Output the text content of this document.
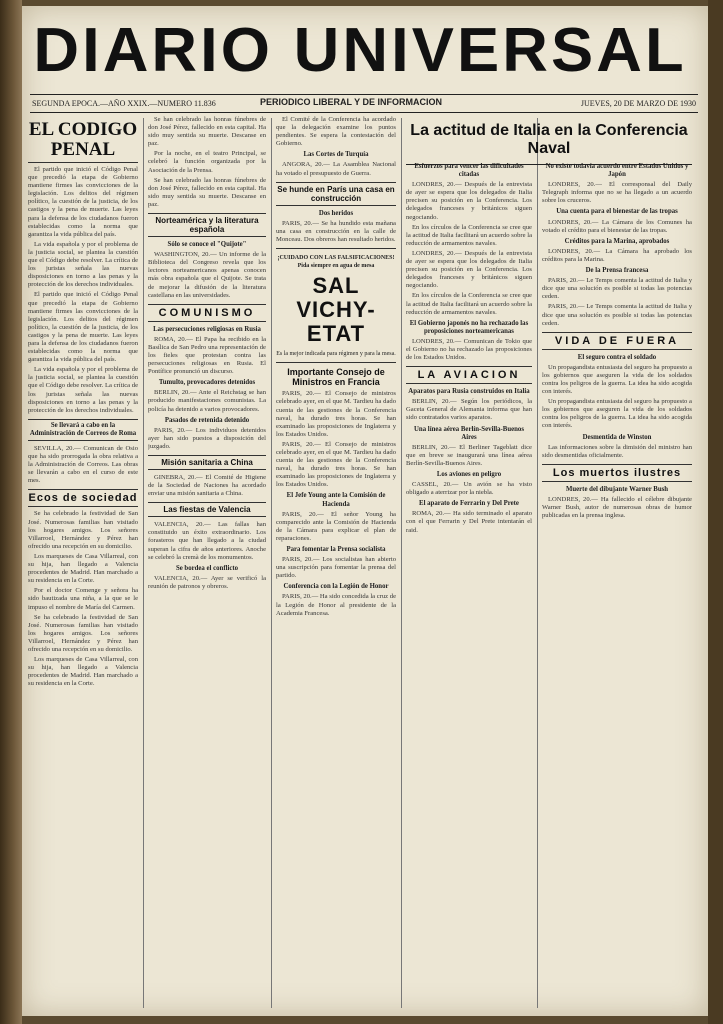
DIARIO UNIVERSAL
SEGUNDA EPOCA.—AÑO XXIX.—NUMERO 11.836	PERIODICO LIBERAL Y DE INFORMACION	JUEVES, 20 DE MARZO DE 1930
EL CODIGO PENAL

El partido que inició el Código Penal que precedió la etapa de Gobierno mantiene firmes las convicciones de la legislación. Los delitos del régimen político, la cuestión de la justicia, de los castigos y la pena de muerte. Las leyes para la defensa de los ciudadanos fueron establecidas como la norma que garantiza la vida pública del país.

La vida española y por el problema de la justicia social, se plantea la cuestión que el Código debe resolver. La crítica de los juristas señala las nuevas disposiciones en torno a las penas y la protección de los derechos individuales.

El partido que inició el Código Penal que precedió la etapa de Gobierno mantiene firmes las convicciones de la legislación. Los delitos del régimen político, la cuestión de la justicia, de los castigos y la pena de muerte. Las leyes para la defensa de los ciudadanos fueron establecidas como la norma que garantiza la vida pública del país.

La vida española y por el problema de la justicia social, se plantea la cuestión que el Código debe resolver. La crítica de los juristas señala las nuevas disposiciones en torno a las penas y la protección de los derechos individuales.

Se llevará a cabo en la Administración de Correos de Roma

SEVILLA, 20.— Comunican de Osio que ha sido prorrogada la obra relativa a la Administración de Correos. Las obras se llevarán a cabo en el curso de este mes.

Ecos de sociedad

Se ha celebrado la festividad de San José. Numerosas familias han visitado los hogares amigos. Los señores Villarroel, Hernández y Pérez han ofrecido una recepción en su domicilio.

Los marqueses de Casa Villarreal, con su hija, han llegado a Valencia procedentes de Madrid. Han marchado a su residencia en la Corte.

Por el doctor Comenge y señora ha sido bautizada una niña, a la que se le impuso el nombre de María del Carmen.

Se ha celebrado la festividad de San José. Numerosas familias han visitado los hogares amigos. Los señores Villarroel, Hernández y Pérez han ofrecido una recepción en su domicilio.

Los marqueses de Casa Villarreal, con su hija, han llegado a Valencia procedentes de Madrid. Han marchado a su residencia en la Corte.

Se han celebrado las honras fúnebres de don José Pérez, fallecido en esta capital. Ha sido muy sentida su muerte. Descanse en paz.

Por la noche, en el teatro Principal, se celebró la función organizada por la Asociación de la Prensa.

Se han celebrado las honras fúnebres de don José Pérez, fallecido en esta capital. Ha sido muy sentida su muerte. Descanse en paz.

Norteamérica y la literatura española
Sólo se conoce el "Quijote"

WASHINGTON, 20.— Un informe de la Biblioteca del Congreso revela que los lectores norteamericanos apenas conocen más obra española que el Quijote. Se trata de mejorar la difusión de la literatura castellana en las universidades.

COMUNISMO
Las persecuciones religiosas en Rusia

ROMA, 20.— El Papa ha recibido en la Basílica de San Pedro una representación de los fieles que protestan contra las persecuciones religiosas en Rusia. El Pontífice pronunció un discurso.

Tumulto, provocadores detenidos

BERLIN, 20.— Ante el Reichstag se han producido manifestaciones comunistas. La policía ha detenido a varios provocadores.

Pasados de retenida detenido

PARIS, 20.— Los individuos detenidos ayer han sido puestos a disposición del juzgado.

Misión sanitaria a China

GINEBRA, 20.— El Comité de Higiene de la Sociedad de Naciones ha acordado enviar una misión sanitaria a China.

Las fiestas de Valencia

VALENCIA, 20.— Las fallas han constituido un éxito extraordinario. Los forasteros que han llegado a la ciudad superan la cifra de años anteriores. Anoche se celebró la cremà de los monumentos.

Se bordea el conflicto

VALENCIA, 20.— Ayer se verificó la reunión de patronos y obreros.

El Comité de la Conferencia ha acordado que la delegación examine los puntos pendientes. Se espera la contestación del Gobierno.

Las Cortes de Turquía

ANGORA, 20.— La Asamblea Nacional ha votado el presupuesto de Guerra.

Se hunde en París una casa en construcción
Dos heridos

PARIS, 20.— Se ha hundido esta mañana una casa en construcción en la calle de Monceau. Dos obreros han resultado heridos.

¡CUIDADO CON LAS FALSIFICACIONES! Pida siempre en agua de mesa
SAL VICHY-ETAT
Es la mejor indicada para régimen y para la mesa.
Importante Consejo de Ministros en Francia

PARIS, 20.— El Consejo de ministros celebrado ayer, en el que M. Tardieu ha dado cuenta de las gestiones de la Conferencia naval, ha durado tres horas. Se han examinado las proposiciones de Inglaterra y los Estados Unidos.

PARIS, 20.— El Consejo de ministros celebrado ayer, en el que M. Tardieu ha dado cuenta de las gestiones de la Conferencia naval, ha durado tres horas. Se han examinado las proposiciones de Inglaterra y los Estados Unidos.

El Jefe Young ante la Comisión de Hacienda

PARIS, 20.— El señor Young ha comparecido ante la Comisión de Hacienda de la Cámara para explicar el plan de reparaciones.

Para fomentar la Prensa socialista

PARIS, 20.— Los socialistas han abierto una suscripción para fomentar la prensa del partido.

Conferencia con la Legión de Honor

PARIS, 20.— Ha sido concedida la cruz de la Legión de Honor al presidente de la Academia Francesa.

Esfuerzos para vencer las dificultades citadas

LONDRES, 20.— Después de la entrevista de ayer se espera que los delegados de Italia precisen su posición en la Conferencia. Los delegados franceses y británicos siguen negociando.

En los círculos de la Conferencia se cree que la actitud de Italia facilitará un acuerdo sobre la reducción de armamentos navales.

LONDRES, 20.— Después de la entrevista de ayer se espera que los delegados de Italia precisen su posición en la Conferencia. Los delegados franceses y británicos siguen negociando.

En los círculos de la Conferencia se cree que la actitud de Italia facilitará un acuerdo sobre la reducción de armamentos navales.

El Gobierno japonés no ha rechazado las proposiciones norteamericanas

LONDRES, 20.— Comunican de Tokio que el Gobierno no ha rechazado las proposiciones de los Estados Unidos.

LA AVIACION
Aparatos para Rusia construidos en Italia

BERLIN, 20.— Según los periódicos, la Gaceta General de Alemania informa que han sido contratados varios aparatos.

Una línea aérea Berlín-Sevilla-Buenos Aires

BERLIN, 20.— El Berliner Tageblatt dice que en breve se inaugurará una línea aérea Berlín-Sevilla-Buenos Aires.

Los aviones en peligro

CASSEL, 20.— Un avión se ha visto obligado a aterrizar por la niebla.

El aparato de Ferrarin y Del Prete

ROMA, 20.— Ha sido terminado el aparato con el que Ferrarin y Del Prete intentarán el raid.

No existe todavía acuerdo entre Estados Unidos y Japón

LONDRES, 20.— El corresponsal del Daily Telegraph informa que no se ha llegado a un acuerdo sobre los cruceros.

Una cuenta para el bienestar de las tropas

LONDRES, 20.— La Cámara de los Comunes ha votado el crédito para el bienestar de las tropas.

Créditos para la Marina, aprobados

LONDRES, 20.— La Cámara ha aprobado los créditos para la Marina.

De la Prensa francesa

PARIS, 20.— Le Temps comenta la actitud de Italia y dice que una solución es posible si todas las potencias ceden.

PARIS, 20.— Le Temps comenta la actitud de Italia y dice que una solución es posible si todas las potencias ceden.

VIDA DE FUERA
El seguro contra el soldado

Un propagandista entusiasta del seguro ha propuesto a los gobiernos que aseguren la vida de los soldados contra los peligros de la guerra. La idea ha sido acogida con interés.

Un propagandista entusiasta del seguro ha propuesto a los gobiernos que aseguren la vida de los soldados contra los peligros de la guerra. La idea ha sido acogida con interés.

Desmentida de Winston

Las informaciones sobre la dimisión del ministro han sido desmentidas oficialmente.

Los muertos ilustres
Muerte del dibujante Warner Bush

LONDRES, 20.— Ha fallecido el célebre dibujante Warner Bush, autor de numerosas obras de humor publicadas en la prensa inglesa.

La actitud de Italia en la Conferencia Naval
